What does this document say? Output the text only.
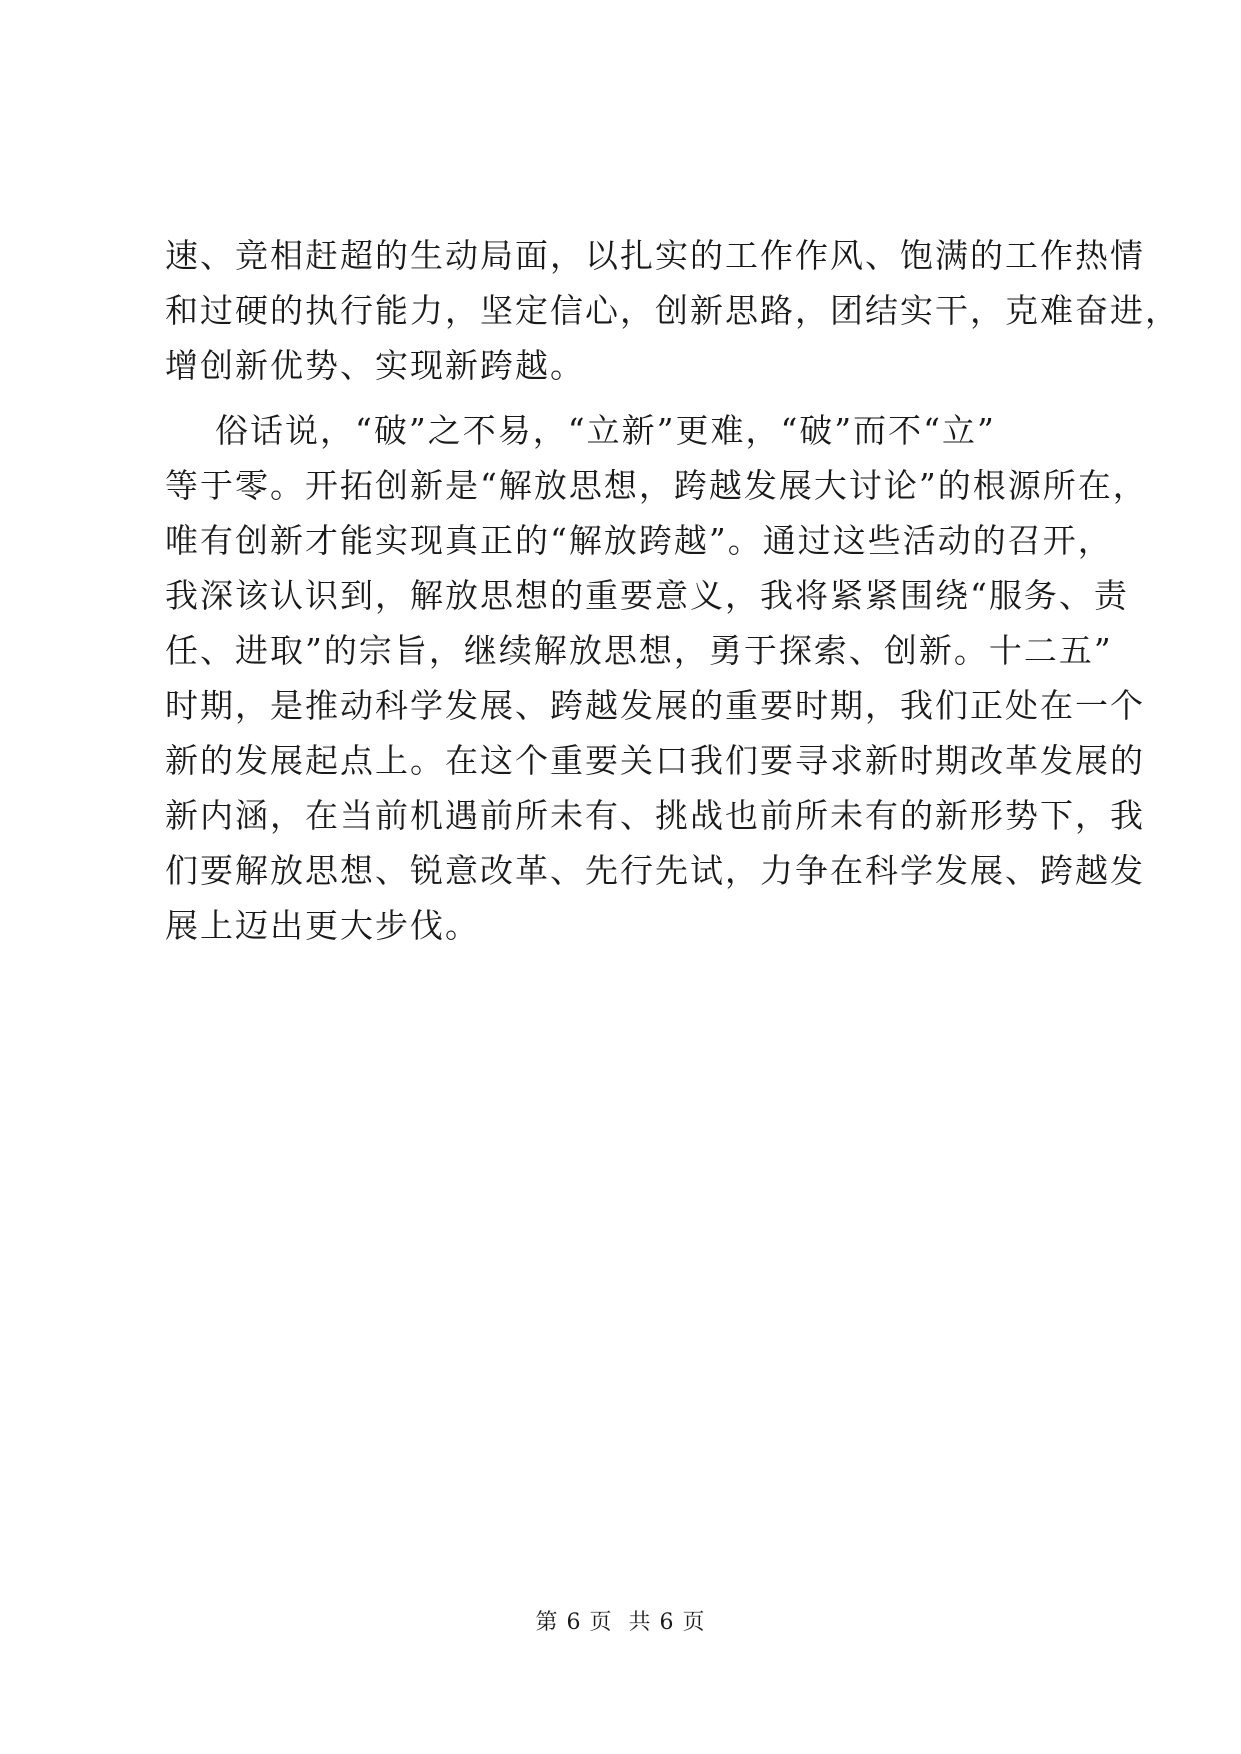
速、竞相赶超的生动局面，以扎实的工作作风、饱满的工作热情
和过硬的执行能力，坚定信心，创新思路，团结实干，克难奋进，
增创新优势、实现新跨越。
俗话说，“破”之不易，“立新”更难，“破”而不“立”
等于零。开拓创新是“解放思想，跨越发展大讨论”的根源所在，
唯有创新才能实现真正的“解放跨越”。通过这些活动的召开，
我深该认识到，解放思想的重要意义，我将紧紧围绕“服务、责
任、进取”的宗旨，继续解放思想，勇于探索、创新。十二五”
时期，是推动科学发展、跨越发展的重要时期，我们正处在一个
新的发展起点上。在这个重要关口我们要寻求新时期改革发展的
新内涵，在当前机遇前所未有、挑战也前所未有的新形势下，我
们要解放思想、锐意改革、先行先试，力争在科学发展、跨越发
展上迈出更大步伐。
第 6 页  共 6 页
